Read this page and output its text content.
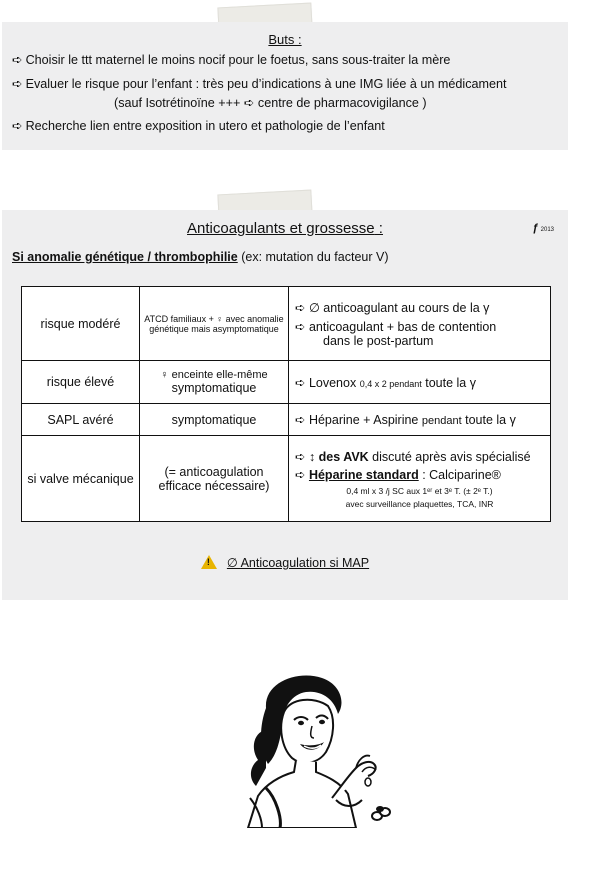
Buts :
➪ Choisir le ttt maternel le moins nocif pour le foetus, sans sous-traiter la mère
➪ Evaluer le risque pour l’enfant : très peu d’indications à une IMG liée à un médicament
(sauf Isotrétinoïne +++ ➪ centre de pharmacovigilance )
➪ Recherche lien entre exposition in utero et pathologie de l’enfant
Anticoagulants et grossesse :	ƒ 2013
Si anomalie génétique / thrombophilie (ex: mutation du facteur V)
risque modéré	ATCD familiaux + ♀ avec anomalie génétique mais asymptomatique	➪ ∅ anticoagulant au cours de la γ
➪ anticoagulant + bas de contention
dans le post-partum

risque élevé	♀ enceinte elle-même
symptomatique	➪ Lovenox 0,4 x 2 pendant toute la γ
SAPL avéré	symptomatique	➪ Héparine + Aspirine pendant toute la γ
si valve mécanique	(= anticoagulation efficace nécessaire)	➪ ↕ des AVK discuté après avis spécialisé
➪ Héparine standard : Calciparine®
0,4 ml x 3 /j SC aux 1ᵉʳ et 3ᵉ T. (± 2ᵉ T.)
avec surveillance plaquettes, TCA, INR
!∅ Anticoagulation si MAP
